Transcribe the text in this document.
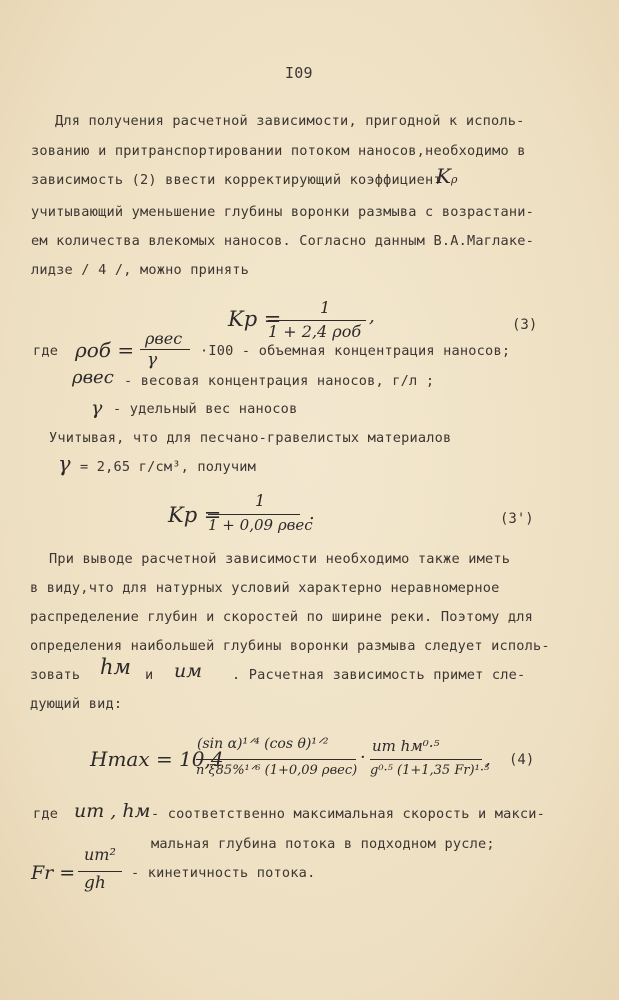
I09
Для получения расчетной зависимости, пригодной к исполь-
зованию и притранспортировании потоком наносов,необходимо в
зависимость (2) ввести корректирующий коэффициент
Kρ
учитывающий уменьшение глубины воронки размыва с возрастани-
ем количества влекомых наносов. Согласно данным В.А.Маглаке-
лидзе / 4 /, можно принять
Kр = 1
1 + 2,4 ρоб
,	(3)
где ρоб = ρвес
γ	·I00 - объемная концентрация наносов;
ρвес - весовая концентрация наносов, г/л ;
γ - удельный вес наносов
Учитывая, что для песчано-гравелистых материалов
γ = 2,65 г/см³, получим
Kр =
1
1 + 0,09 ρвес
.	(3')
При выводе расчетной зависимости необходимо также иметь
в виду,что для натурных условий характерно неравномерное
распределение глубин и скоростей по ширине реки. Поэтому для
определения наибольшей глубины воронки размыва следует исполь-
зовать hм и uм . Расчетная зависимость примет сле-
дующий вид:
Hmax = 10,4
(sin α)¹ᐟ⁴ (cos θ)¹ᐟ²
n ξ85%¹ᐟ⁶ (1+0,09 ρвес)
·
um hм⁰·⁵
g⁰·⁵ (1+1,35 Fr)¹·⁵
, (4)
где um , hм - соответственно максимальная скорость и макси-
мальная глубина потока в подходном русле;
Fr =
um²
gh - кинетичность потока.
